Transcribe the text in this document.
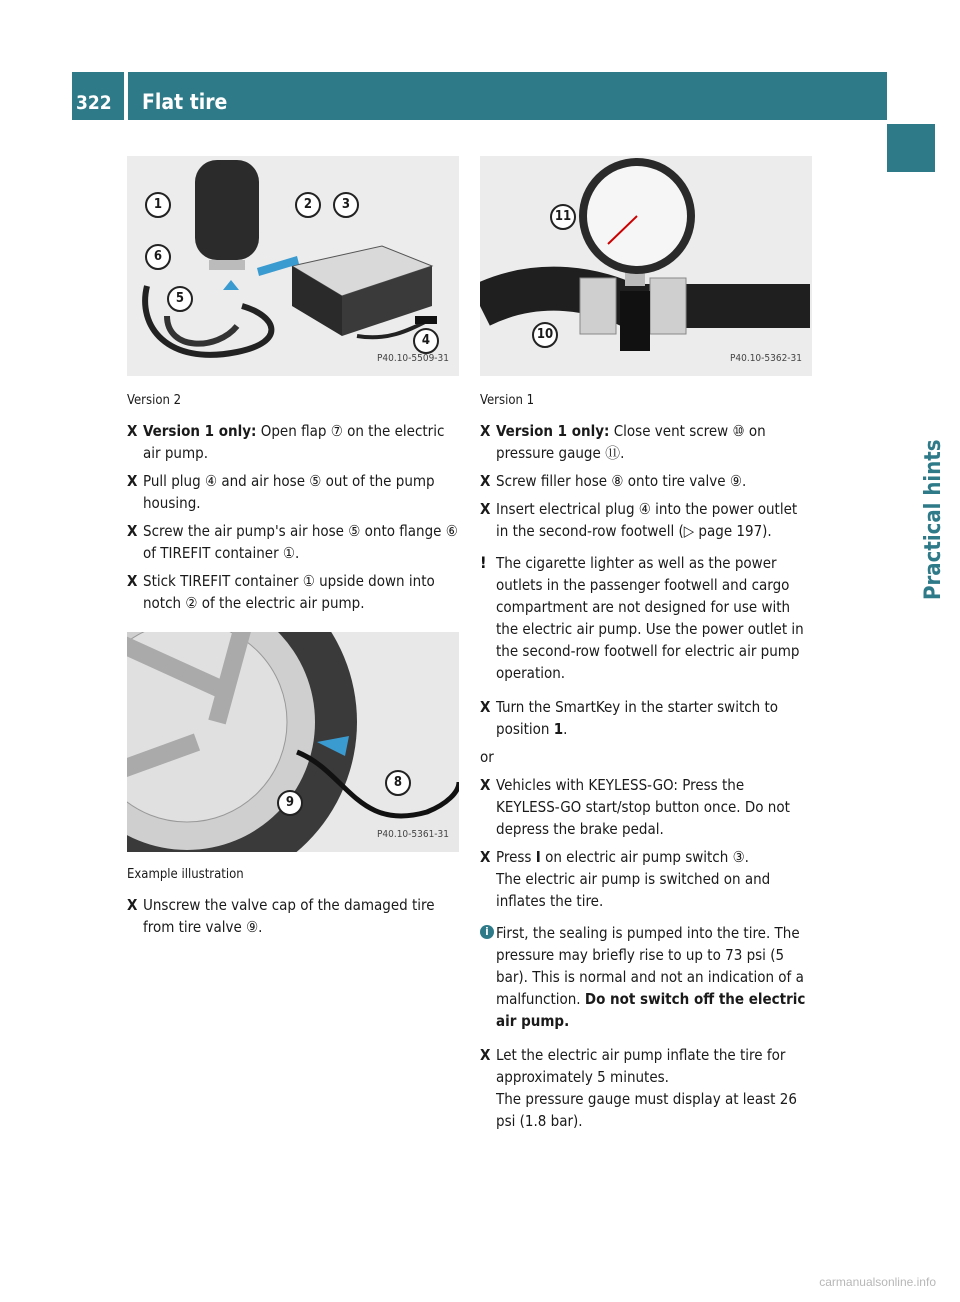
322	Flat tire
Practical hints
1	2	3
6
5
4
P40.10-5509-31
Version 2
X Version 1 only: Open flap ⑦ on the electric air pump.
X Pull plug ④ and air hose ⑤ out of the pump housing.
X Screw the air pump's air hose ⑤ onto flange ⑥ of TIREFIT container ①.
X Stick TIREFIT container ① upside down into notch ② of the electric air pump.
8
9
P40.10-5361-31
Example illustration
X Unscrew the valve cap of the damaged tire from tire valve ⑨.
11
10
P40.10-5362-31
Version 1
X Version 1 only: Close vent screw ⑩ on pressure gauge ⑪.
X Screw filler hose ⑧ onto tire valve ⑨.
X Insert electrical plug ④ into the power outlet in the second-row footwell (▷ page 197).
! The cigarette lighter as well as the power outlets in the passenger footwell and cargo compartment are not designed for use with the electric air pump. Use the power outlet in the second-row footwell for electric air pump operation.
X Turn the SmartKey in the starter switch to position 1.
or
X Vehicles with KEYLESS-GO: Press the KEYLESS-GO start/stop button once. Do not depress the brake pedal.
X Press I on electric air pump switch ③.
The electric air pump is switched on and inflates the tire.
i First, the sealing is pumped into the tire. The pressure may briefly rise to up to 73 psi (5 bar). This is normal and not an indication of a malfunction. Do not switch off the electric air pump.
X Let the electric air pump inflate the tire for approximately 5 minutes.
The pressure gauge must display at least 26 psi (1.8 bar).
carmanualsonline.info
